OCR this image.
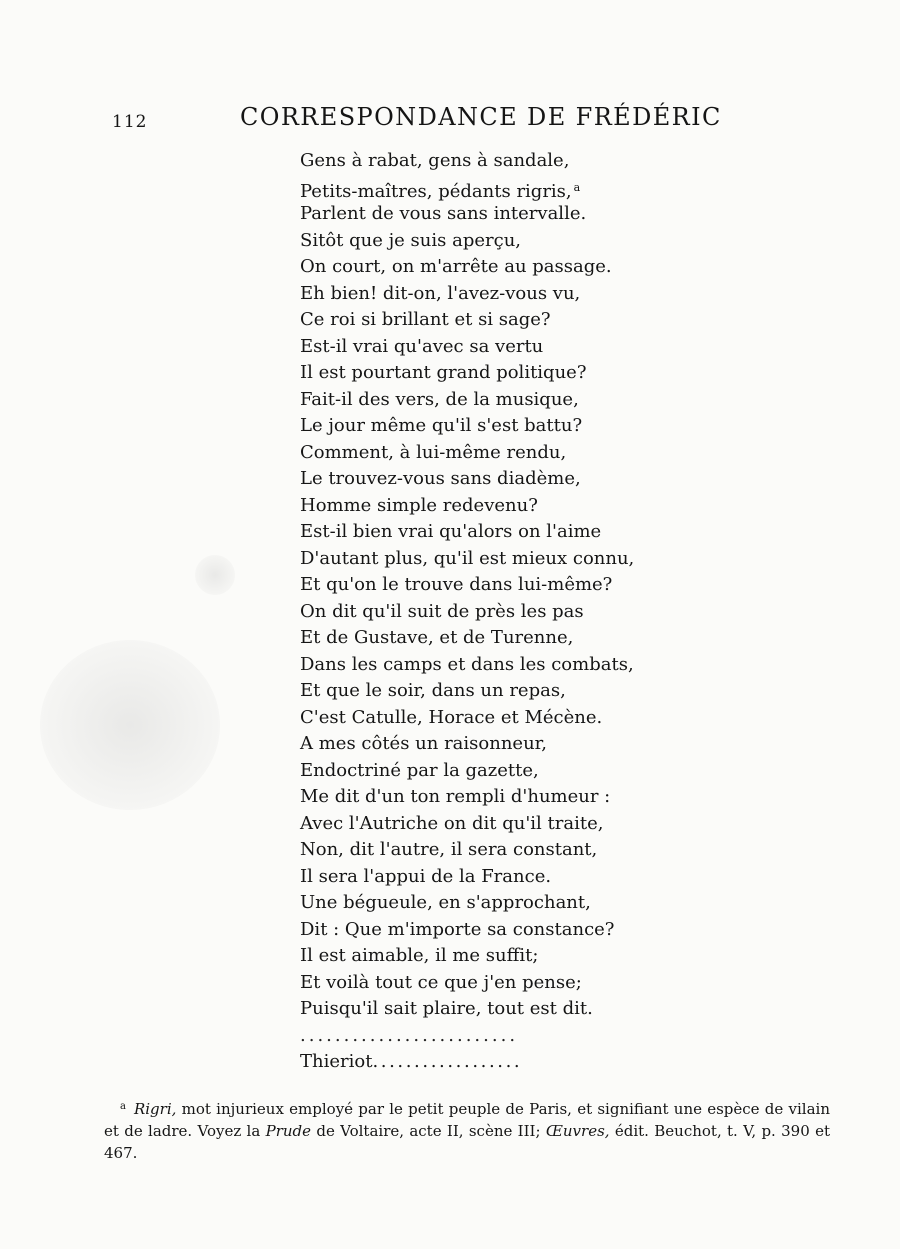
112	CORRESPONDANCE DE FRÉDÉRIC
Gens à rabat, gens à sandale,
Petits-maîtres, pédants rigris, $^a$
Parlent de vous sans intervalle.
Sitôt que je suis aperçu,
On court, on m'arrête au passage.
Eh bien! dit-on, l'avez-vous vu,
Ce roi si brillant et si sage?
Est-il vrai qu'avec sa vertu
Il est pourtant grand politique?
Fait-il des vers, de la musique,
Le jour même qu'il s'est battu?
Comment, à lui-même rendu,
Le trouvez-vous sans diadème,
Homme simple redevenu?
Est-il bien vrai qu'alors on l'aime
D'autant plus, qu'il est mieux connu,
Et qu'on le trouve dans lui-même?
On dit qu'il suit de près les pas
Et de Gustave, et de Turenne,
Dans les camps et dans les combats,
Et que le soir, dans un repas,
C'est Catulle, Horace et Mécène.
A mes côtés un raisonneur,
Endoctriné par la gazette,
Me dit d'un ton rempli d'humeur :
Avec l'Autriche on dit qu'il traite,
Non, dit l'autre, il sera constant,
Il sera l'appui de la France.
Une bégueule, en s'approchant,
Dit : Que m'importe sa constance?
Il est aimable, il me suffit;
Et voilà tout ce que j'en pense;
Puisqu'il sait plaire, tout est dit.
.........................
Thieriot..................
$^a$ Rigri, mot injurieux employé par le petit peuple de Paris, et signifiant une espèce de vilain et de ladre. Voyez la Prude de Voltaire, acte II, scène III; Œuvres, édit. Beuchot, t. V, p. 390 et 467.
